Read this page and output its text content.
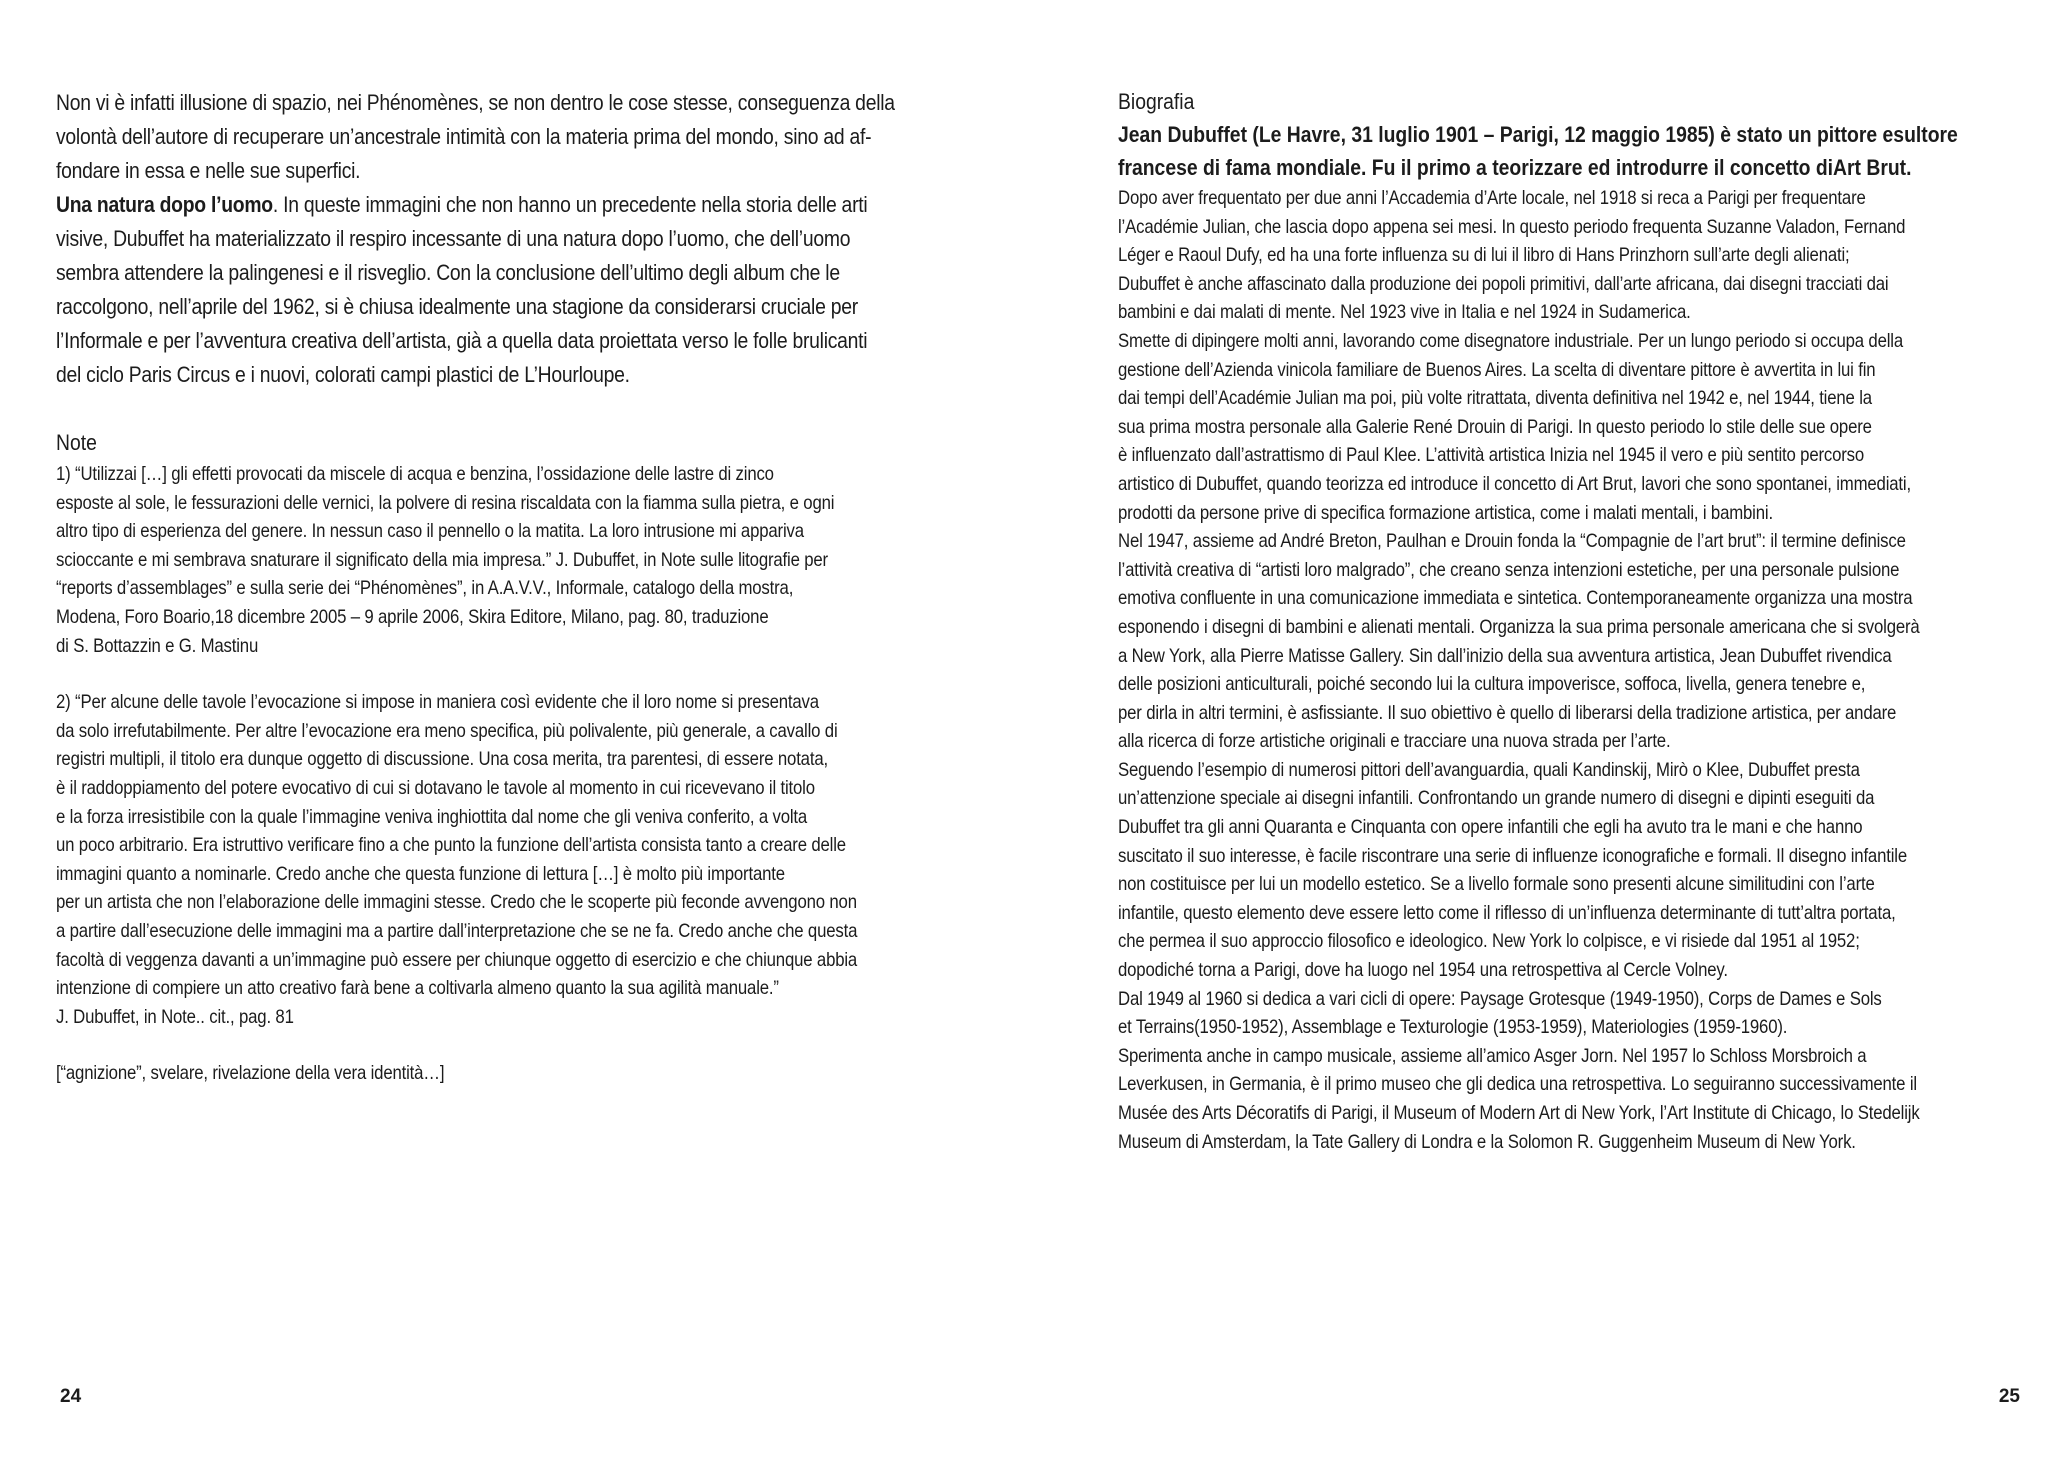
Non vi è infatti illusione di spazio, nei Phénomènes, se non dentro le cose stesse, conseguenza della
volontà dell’autore di recuperare un’ancestrale intimità con la materia prima del mondo, sino ad af-
fondare in essa e nelle sue superfici.

Una natura dopo l’uomo. In queste immagini che non hanno un precedente nella storia delle arti
visive, Dubuffet ha materializzato il respiro incessante di una natura dopo l’uomo, che dell’uomo
sembra attendere la palingenesi e il risveglio. Con la conclusione dell’ultimo degli album che le
raccolgono, nell’aprile del 1962, si è chiusa idealmente una stagione da considerarsi cruciale per
l’Informale e per l’avventura creativa dell’artista, già a quella data proiettata verso le folle brulicanti
del ciclo Paris Circus e i nuovi, colorati campi plastici de L’Hourloupe.

Note

1) “Utilizzai […] gli effetti provocati da miscele di acqua e benzina, l’ossidazione delle lastre di zinco
esposte al sole, le fessurazioni delle vernici, la polvere di resina riscaldata con la fiamma sulla pietra, e ogni
altro tipo di esperienza del genere. In nessun caso il pennello o la matita. La loro intrusione mi appariva
scioccante e mi sembrava snaturare il significato della mia impresa.” J. Dubuffet, in Note sulle litografie per
“reports d’assemblages” e sulla serie dei “Phénomènes”, in A.A.V.V., Informale, catalogo della mostra,
Modena, Foro Boario,18 dicembre 2005 – 9 aprile 2006, Skira Editore, Milano, pag. 80, traduzione
di S. Bottazzin e G. Mastinu

2) “Per alcune delle tavole l’evocazione si impose in maniera così evidente che il loro nome si presentava
da solo irrefutabilmente. Per altre l’evocazione era meno specifica, più polivalente, più generale, a cavallo di
registri multipli, il titolo era dunque oggetto di discussione. Una cosa merita, tra parentesi, di essere notata,
è il raddoppiamento del potere evocativo di cui si dotavano le tavole al momento in cui ricevevano il titolo
e la forza irresistibile con la quale l’immagine veniva inghiottita dal nome che gli veniva conferito, a volta
un poco arbitrario. Era istruttivo verificare fino a che punto la funzione dell’artista consista tanto a creare delle
immagini quanto a nominarle. Credo anche che questa funzione di lettura […] è molto più importante
per un artista che non l’elaborazione delle immagini stesse. Credo che le scoperte più feconde avvengono non
a partire dall’esecuzione delle immagini ma a partire dall’interpretazione che se ne fa. Credo anche che questa
facoltà di veggenza davanti a un’immagine può essere per chiunque oggetto di esercizio e che chiunque abbia
intenzione di compiere un atto creativo farà bene a coltivarla almeno quanto la sua agilità manuale.”
J. Dubuffet, in Note.. cit., pag. 81

[“agnizione”, svelare, rivelazione della vera identità…]

24

Biografia

Jean Dubuffet (Le Havre, 31 luglio 1901 – Parigi, 12 maggio 1985) è stato un pittore esultore
francese di fama mondiale. Fu il primo a teorizzare ed introdurre il concetto diArt Brut.

Dopo aver frequentato per due anni l’Accademia d’Arte locale, nel 1918 si reca a Parigi per frequentare
l’Académie Julian, che lascia dopo appena sei mesi. In questo periodo frequenta Suzanne Valadon, Fernand
Léger e Raoul Dufy, ed ha una forte influenza su di lui il libro di Hans Prinzhorn sull’arte degli alienati;
Dubuffet è anche affascinato dalla produzione dei popoli primitivi, dall’arte africana, dai disegni tracciati dai
bambini e dai malati di mente. Nel 1923 vive in Italia e nel 1924 in Sudamerica.
Smette di dipingere molti anni, lavorando come disegnatore industriale. Per un lungo periodo si occupa della
gestione dell’Azienda vinicola familiare de Buenos Aires. La scelta di diventare pittore è avvertita in lui fin
dai tempi dell’Académie Julian ma poi, più volte ritrattata, diventa definitiva nel 1942 e, nel 1944, tiene la
sua prima mostra personale alla Galerie René Drouin di Parigi. In questo periodo lo stile delle sue opere
è influenzato dall’astrattismo di Paul Klee. L’attività artistica Inizia nel 1945 il vero e più sentito percorso
artistico di Dubuffet, quando teorizza ed introduce il concetto di Art Brut, lavori che sono spontanei, immediati,
prodotti da persone prive di specifica formazione artistica, come i malati mentali, i bambini.
Nel 1947, assieme ad André Breton, Paulhan e Drouin fonda la “Compagnie de l’art brut”: il termine definisce
l’attività creativa di “artisti loro malgrado”, che creano senza intenzioni estetiche, per una personale pulsione
emotiva confluente in una comunicazione immediata e sintetica. Contemporaneamente organizza una mostra
esponendo i disegni di bambini e alienati mentali. Organizza la sua prima personale americana che si svolgerà
a New York, alla Pierre Matisse Gallery. Sin dall’inizio della sua avventura artistica, Jean Dubuffet rivendica
delle posizioni anticulturali, poiché secondo lui la cultura impoverisce, soffoca, livella, genera tenebre e,
per dirla in altri termini, è asfissiante. Il suo obiettivo è quello di liberarsi della tradizione artistica, per andare
alla ricerca di forze artistiche originali e tracciare una nuova strada per l’arte.
Seguendo l’esempio di numerosi pittori dell’avanguardia, quali Kandinskij, Mirò o Klee, Dubuffet presta
un’attenzione speciale ai disegni infantili. Confrontando un grande numero di disegni e dipinti eseguiti da
Dubuffet tra gli anni Quaranta e Cinquanta con opere infantili che egli ha avuto tra le mani e che hanno
suscitato il suo interesse, è facile riscontrare una serie di influenze iconografiche e formali. Il disegno infantile
non costituisce per lui un modello estetico. Se a livello formale sono presenti alcune similitudini con l’arte
infantile, questo elemento deve essere letto come il riflesso di un’influenza determinante di tutt’altra portata,
che permea il suo approccio filosofico e ideologico. New York lo colpisce, e vi risiede dal 1951 al 1952;
dopodiché torna a Parigi, dove ha luogo nel 1954 una retrospettiva al Cercle Volney.
Dal 1949 al 1960 si dedica a vari cicli di opere: Paysage Grotesque (1949-1950), Corps de Dames e Sols
et Terrains(1950-1952), Assemblage e Texturologie (1953-1959), Materiologies (1959-1960).
Sperimenta anche in campo musicale, assieme all’amico Asger Jorn. Nel 1957 lo Schloss Morsbroich a
Leverkusen, in Germania, è il primo museo che gli dedica una retrospettiva. Lo seguiranno successivamente il
Musée des Arts Décoratifs di Parigi, il Museum of Modern Art di New York, l’Art Institute di Chicago, lo Stedelijk
Museum di Amsterdam, la Tate Gallery di Londra e la Solomon R. Guggenheim Museum di New York.

25
